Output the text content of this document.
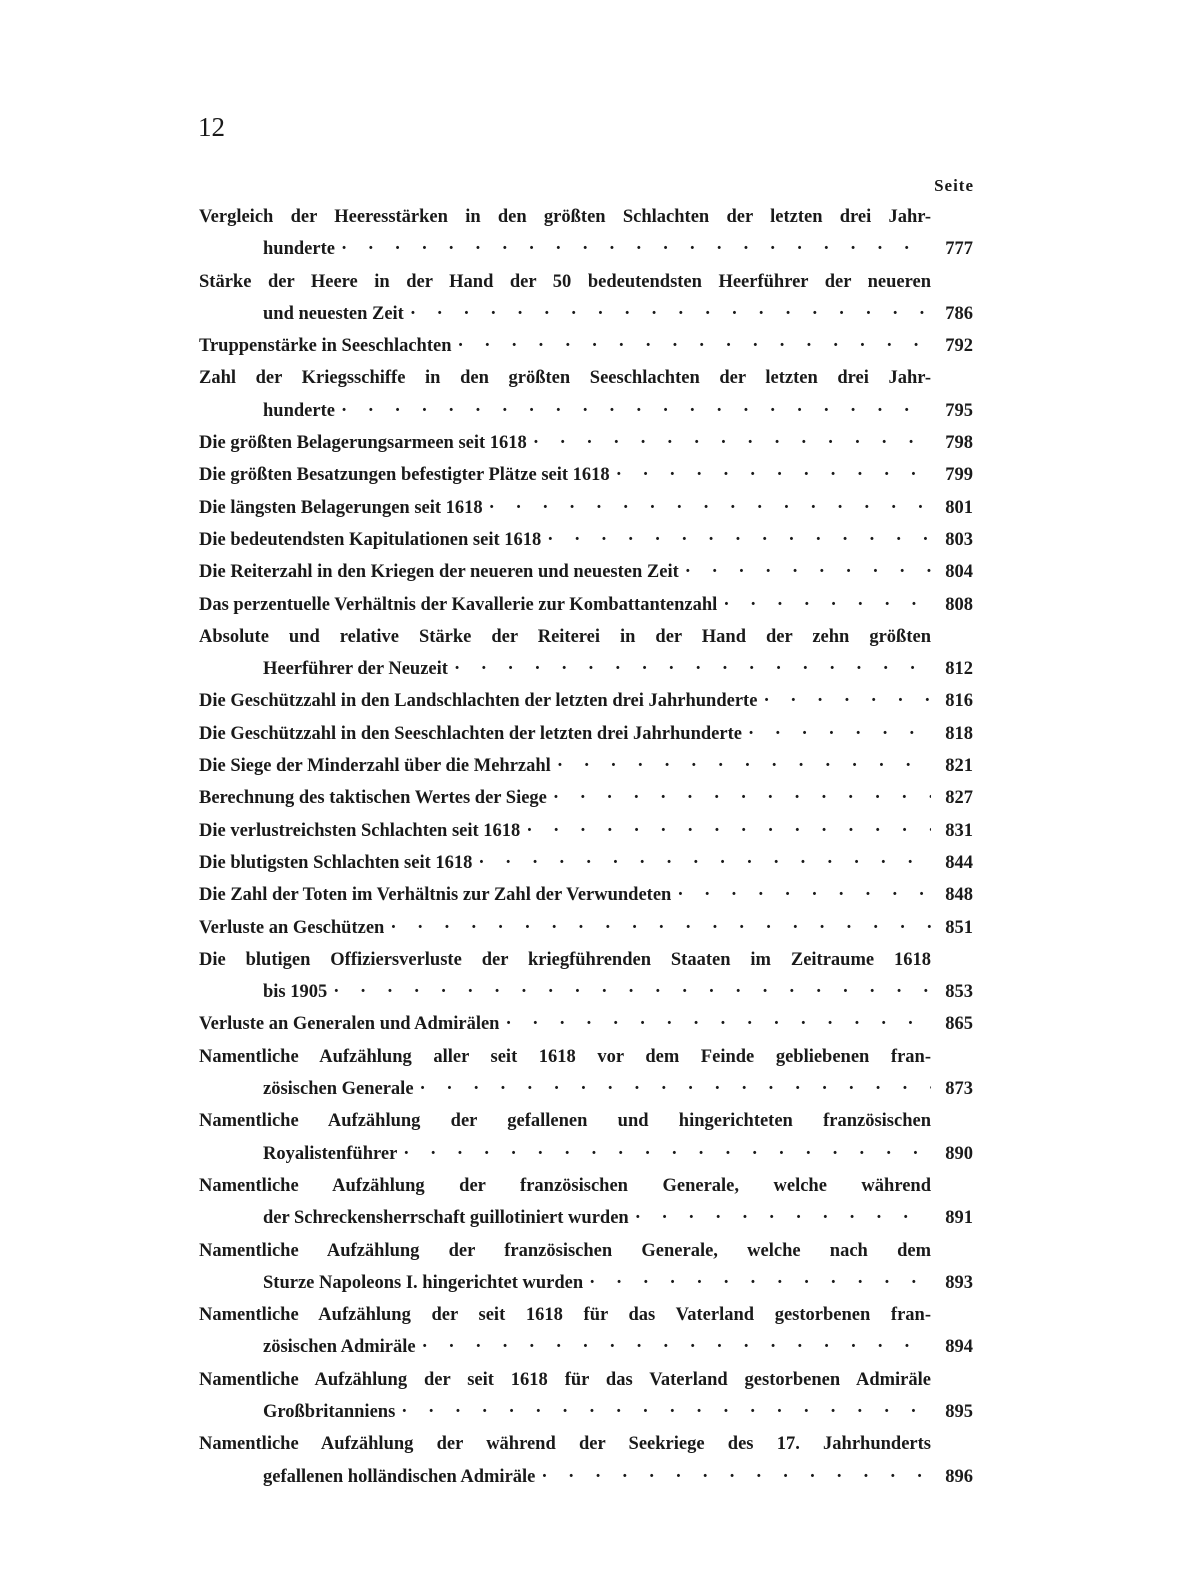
12
Seite
Vergleich der Heeresstärken in den größten Schlachten der letzten drei Jahr-
hunderte · · ·	777
Stärke der Heere in der Hand der 50 bedeutendsten Heerführer der neueren
und neuesten Zeit · · ·	786
Truppenstärke in Seeschlachten · · ·	792
Zahl der Kriegsschiffe in den größten Seeschlachten der letzten drei Jahr-
hunderte · · ·	795
Die größten Belagerungsarmeen seit 1618 · · ·	798
Die größten Besatzungen befestigter Plätze seit 1618 · · ·	799
Die längsten Belagerungen seit 1618 · · ·	801
Die bedeutendsten Kapitulationen seit 1618 · · ·	803
Die Reiterzahl in den Kriegen der neueren und neuesten Zeit · · ·	804
Das perzentuelle Verhältnis der Kavallerie zur Kombattantenzahl · · ·	808
Absolute und relative Stärke der Reiterei in der Hand der zehn größten
Heerführer der Neuzeit · · ·	812
Die Geschützzahl in den Landschlachten der letzten drei Jahrhunderte · · ·	816
Die Geschützzahl in den Seeschlachten der letzten drei Jahrhunderte · · ·	818
Die Siege der Minderzahl über die Mehrzahl · · ·	821
Berechnung des taktischen Wertes der Siege · · ·	827
Die verlustreichsten Schlachten seit 1618 · · ·	831
Die blutigsten Schlachten seit 1618 · · ·	844
Die Zahl der Toten im Verhältnis zur Zahl der Verwundeten · · ·	848
Verluste an Geschützen · · ·	851
Die blutigen Offiziersverluste der kriegführenden Staaten im Zeitraume 1618
bis 1905 · · ·	853
Verluste an Generalen und Admirälen · · ·	865
Namentliche Aufzählung aller seit 1618 vor dem Feinde gebliebenen fran-
zösischen Generale · · ·	873
Namentliche Aufzählung der gefallenen und hingerichteten französischen
Royalistenführer · · ·	890
Namentliche Aufzählung der französischen Generale, welche während
der Schreckensherrschaft guillotiniert wurden · · ·	891
Namentliche Aufzählung der französischen Generale, welche nach dem
Sturze Napoleons I. hingerichtet wurden · · ·	893
Namentliche Aufzählung der seit 1618 für das Vaterland gestorbenen fran-
zösischen Admiräle · · ·	894
Namentliche Aufzählung der seit 1618 für das Vaterland gestorbenen Admiräle
Großbritanniens · · ·	895
Namentliche Aufzählung der während der Seekriege des 17. Jahrhunderts
gefallenen holländischen Admiräle · · ·	896
